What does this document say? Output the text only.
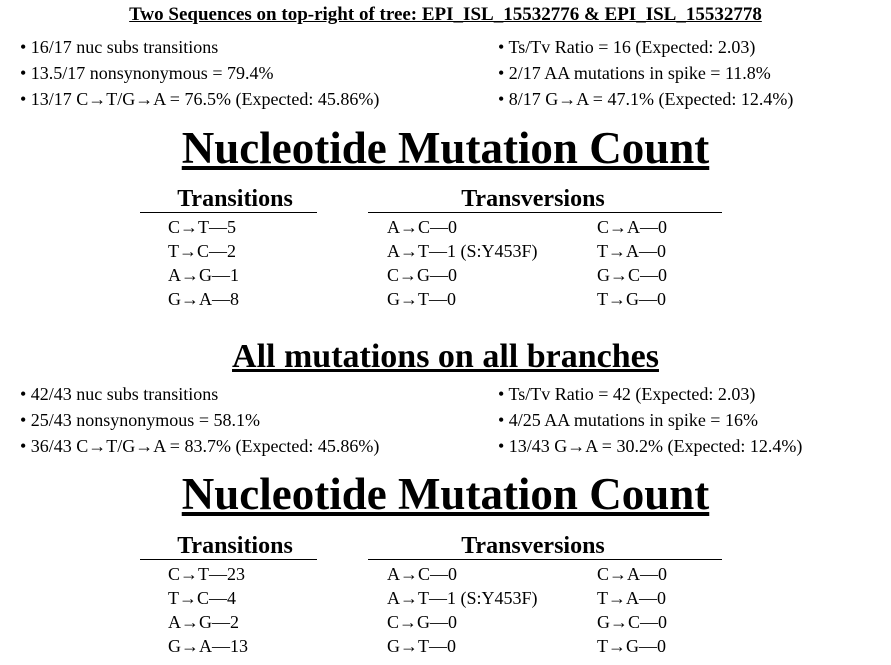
Two Sequences on top-right of tree: EPI_ISL_15532776 & EPI_ISL_15532778
• 16/17 nuc subs transitions
• 13.5/17 nonsynonymous = 79.4%
• 13/17 C→T/G→A = 76.5% (Expected: 45.86%)
• Ts/Tv Ratio = 16 (Expected: 2.03)
• 2/17 AA mutations in spike = 11.8%
• 8/17 G→A = 47.1% (Expected: 12.4%)
Nucleotide Mutation Count
Transitions	Transversions
C→T—5
T→C—2
A→G—1
G→A—8
A→C—0
A→T—1 (S:Y453F)
C→G—0
G→T—0
C→A—0
T→A—0
G→C—0
T→G—0
All mutations on all branches
• 42/43 nuc subs transitions
• 25/43 nonsynonymous = 58.1%
• 36/43 C→T/G→A = 83.7% (Expected: 45.86%)
• Ts/Tv Ratio = 42 (Expected: 2.03)
• 4/25 AA mutations in spike = 16%
• 13/43 G→A = 30.2% (Expected: 12.4%)
Nucleotide Mutation Count
Transitions	Transversions
C→T—23
T→C—4
A→G—2
G→A—13
A→C—0
A→T—1 (S:Y453F)
C→G—0
G→T—0
C→A—0
T→A—0
G→C—0
T→G—0
